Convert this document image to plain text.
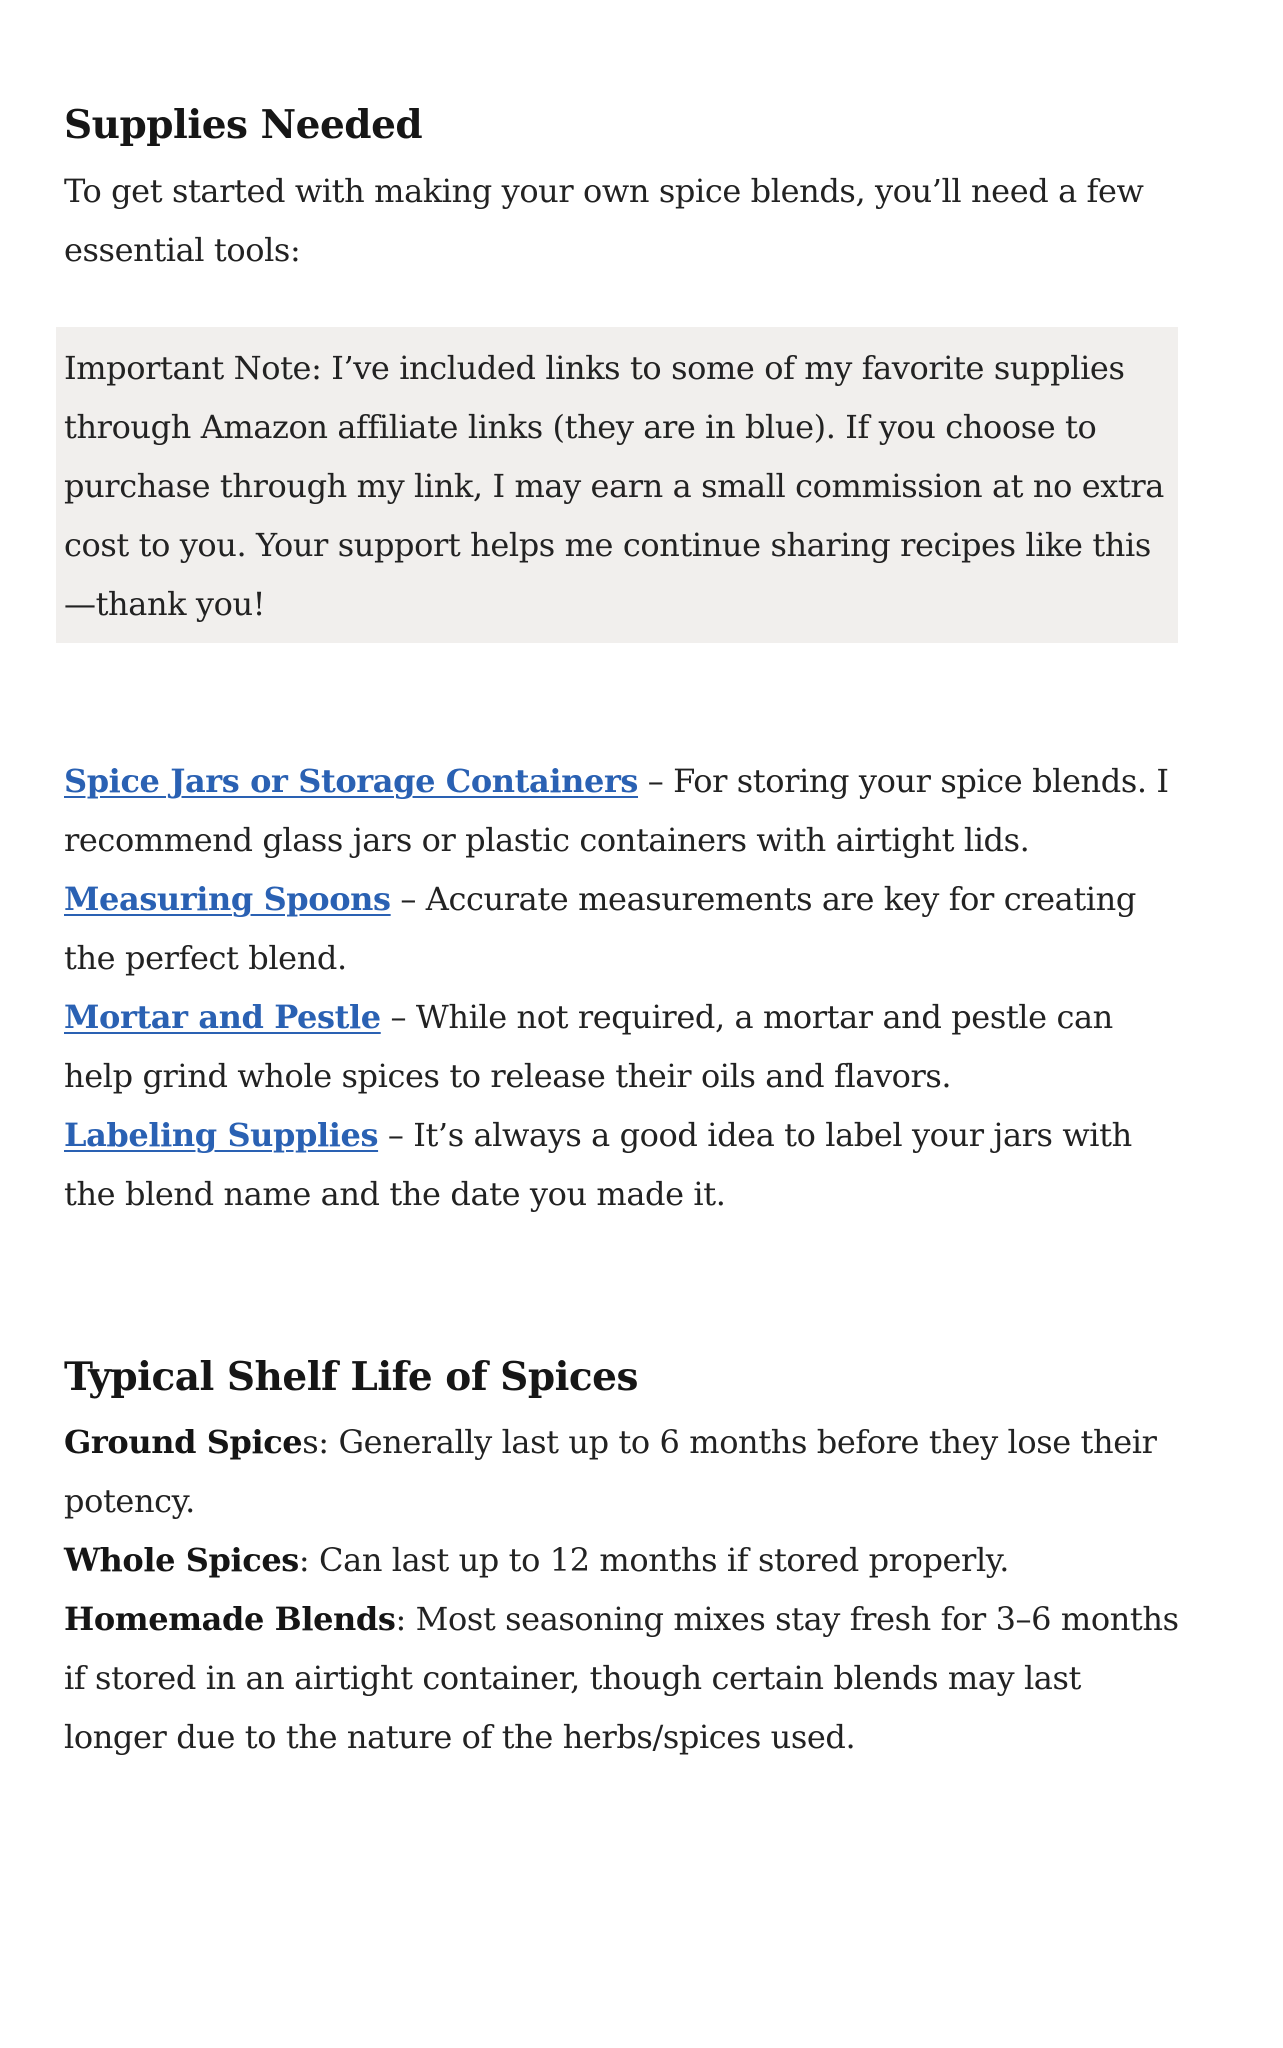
Supplies Needed

To get started with making your own spice blends, you’ll need a few essential tools:

Important Note: I’ve included links to some of my favorite supplies through Amazon affiliate links (they are in blue). If you choose to purchase through my link, I may earn a small commission at no extra cost to you. Your support helps me continue sharing recipes like this—thank you!

Spice Jars or Storage Containers – For storing your spice blends. I recommend glass jars or plastic containers with airtight lids.
Measuring Spoons – Accurate measurements are key for creating the perfect blend.
Mortar and Pestle – While not required, a mortar and pestle can help grind whole spices to release their oils and flavors.
Labeling Supplies – It’s always a good idea to label your jars with the blend name and the date you made it.
Typical Shelf Life of Spices
Ground Spices: Generally last up to 6 months before they lose their potency.
Whole Spices: Can last up to 12 months if stored properly.
Homemade Blends: Most seasoning mixes stay fresh for 3–6 months if stored in an airtight container, though certain blends may last longer due to the nature of the herbs/spices used.
